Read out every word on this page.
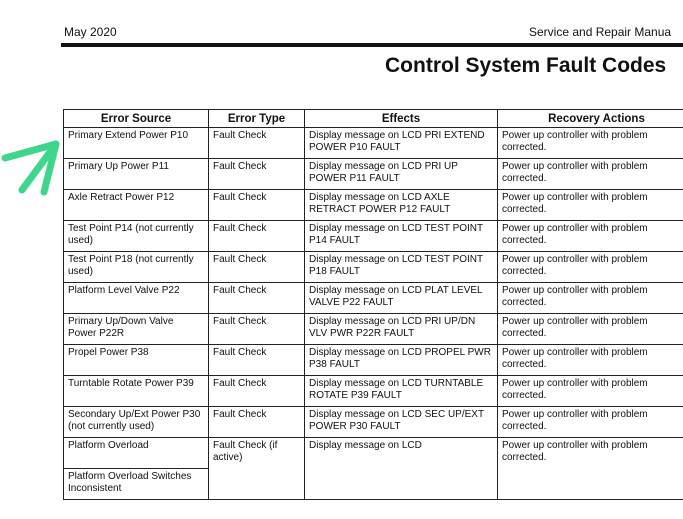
May 2020	Service and Repair Manua
Control System Fault Codes
Error Source	Error Type	Effects	Recovery Actions
Primary Extend Power P10	Fault Check	Display message on LCD PRI EXTEND POWER P10 FAULT	Power up controller with problem corrected.
Primary Up Power P11	Fault Check	Display message on LCD PRI UP POWER P11 FAULT	Power up controller with problem corrected.
Axle Retract Power P12	Fault Check	Display message on LCD AXLE RETRACT POWER P12 FAULT	Power up controller with problem corrected.
Test Point P14 (not currently used)	Fault Check	Display message on LCD TEST POINT P14 FAULT	Power up controller with problem corrected.
Test Point P18 (not currently used)	Fault Check	Display message on LCD TEST POINT P18 FAULT	Power up controller with problem corrected.
Platform Level Valve P22	Fault Check	Display message on LCD PLAT LEVEL VALVE P22 FAULT	Power up controller with problem corrected.
Primary Up/Down Valve Power P22R	Fault Check	Display message on LCD PRI UP/DN VLV PWR P22R FAULT	Power up controller with problem corrected.
Propel Power P38	Fault Check	Display message on LCD PROPEL PWR P38 FAULT	Power up controller with problem corrected.
Turntable Rotate Power P39	Fault Check	Display message on LCD TURNTABLE ROTATE P39 FAULT	Power up controller with problem corrected.
Secondary Up/Ext Power P30 (not currently used)	Fault Check	Display message on LCD SEC UP/EXT POWER P30 FAULT	Power up controller with problem corrected.
Platform Overload	Fault Check (if active)	Display message on LCD	Power up controller with problem corrected.
Platform Overload Switches Inconsistent			
